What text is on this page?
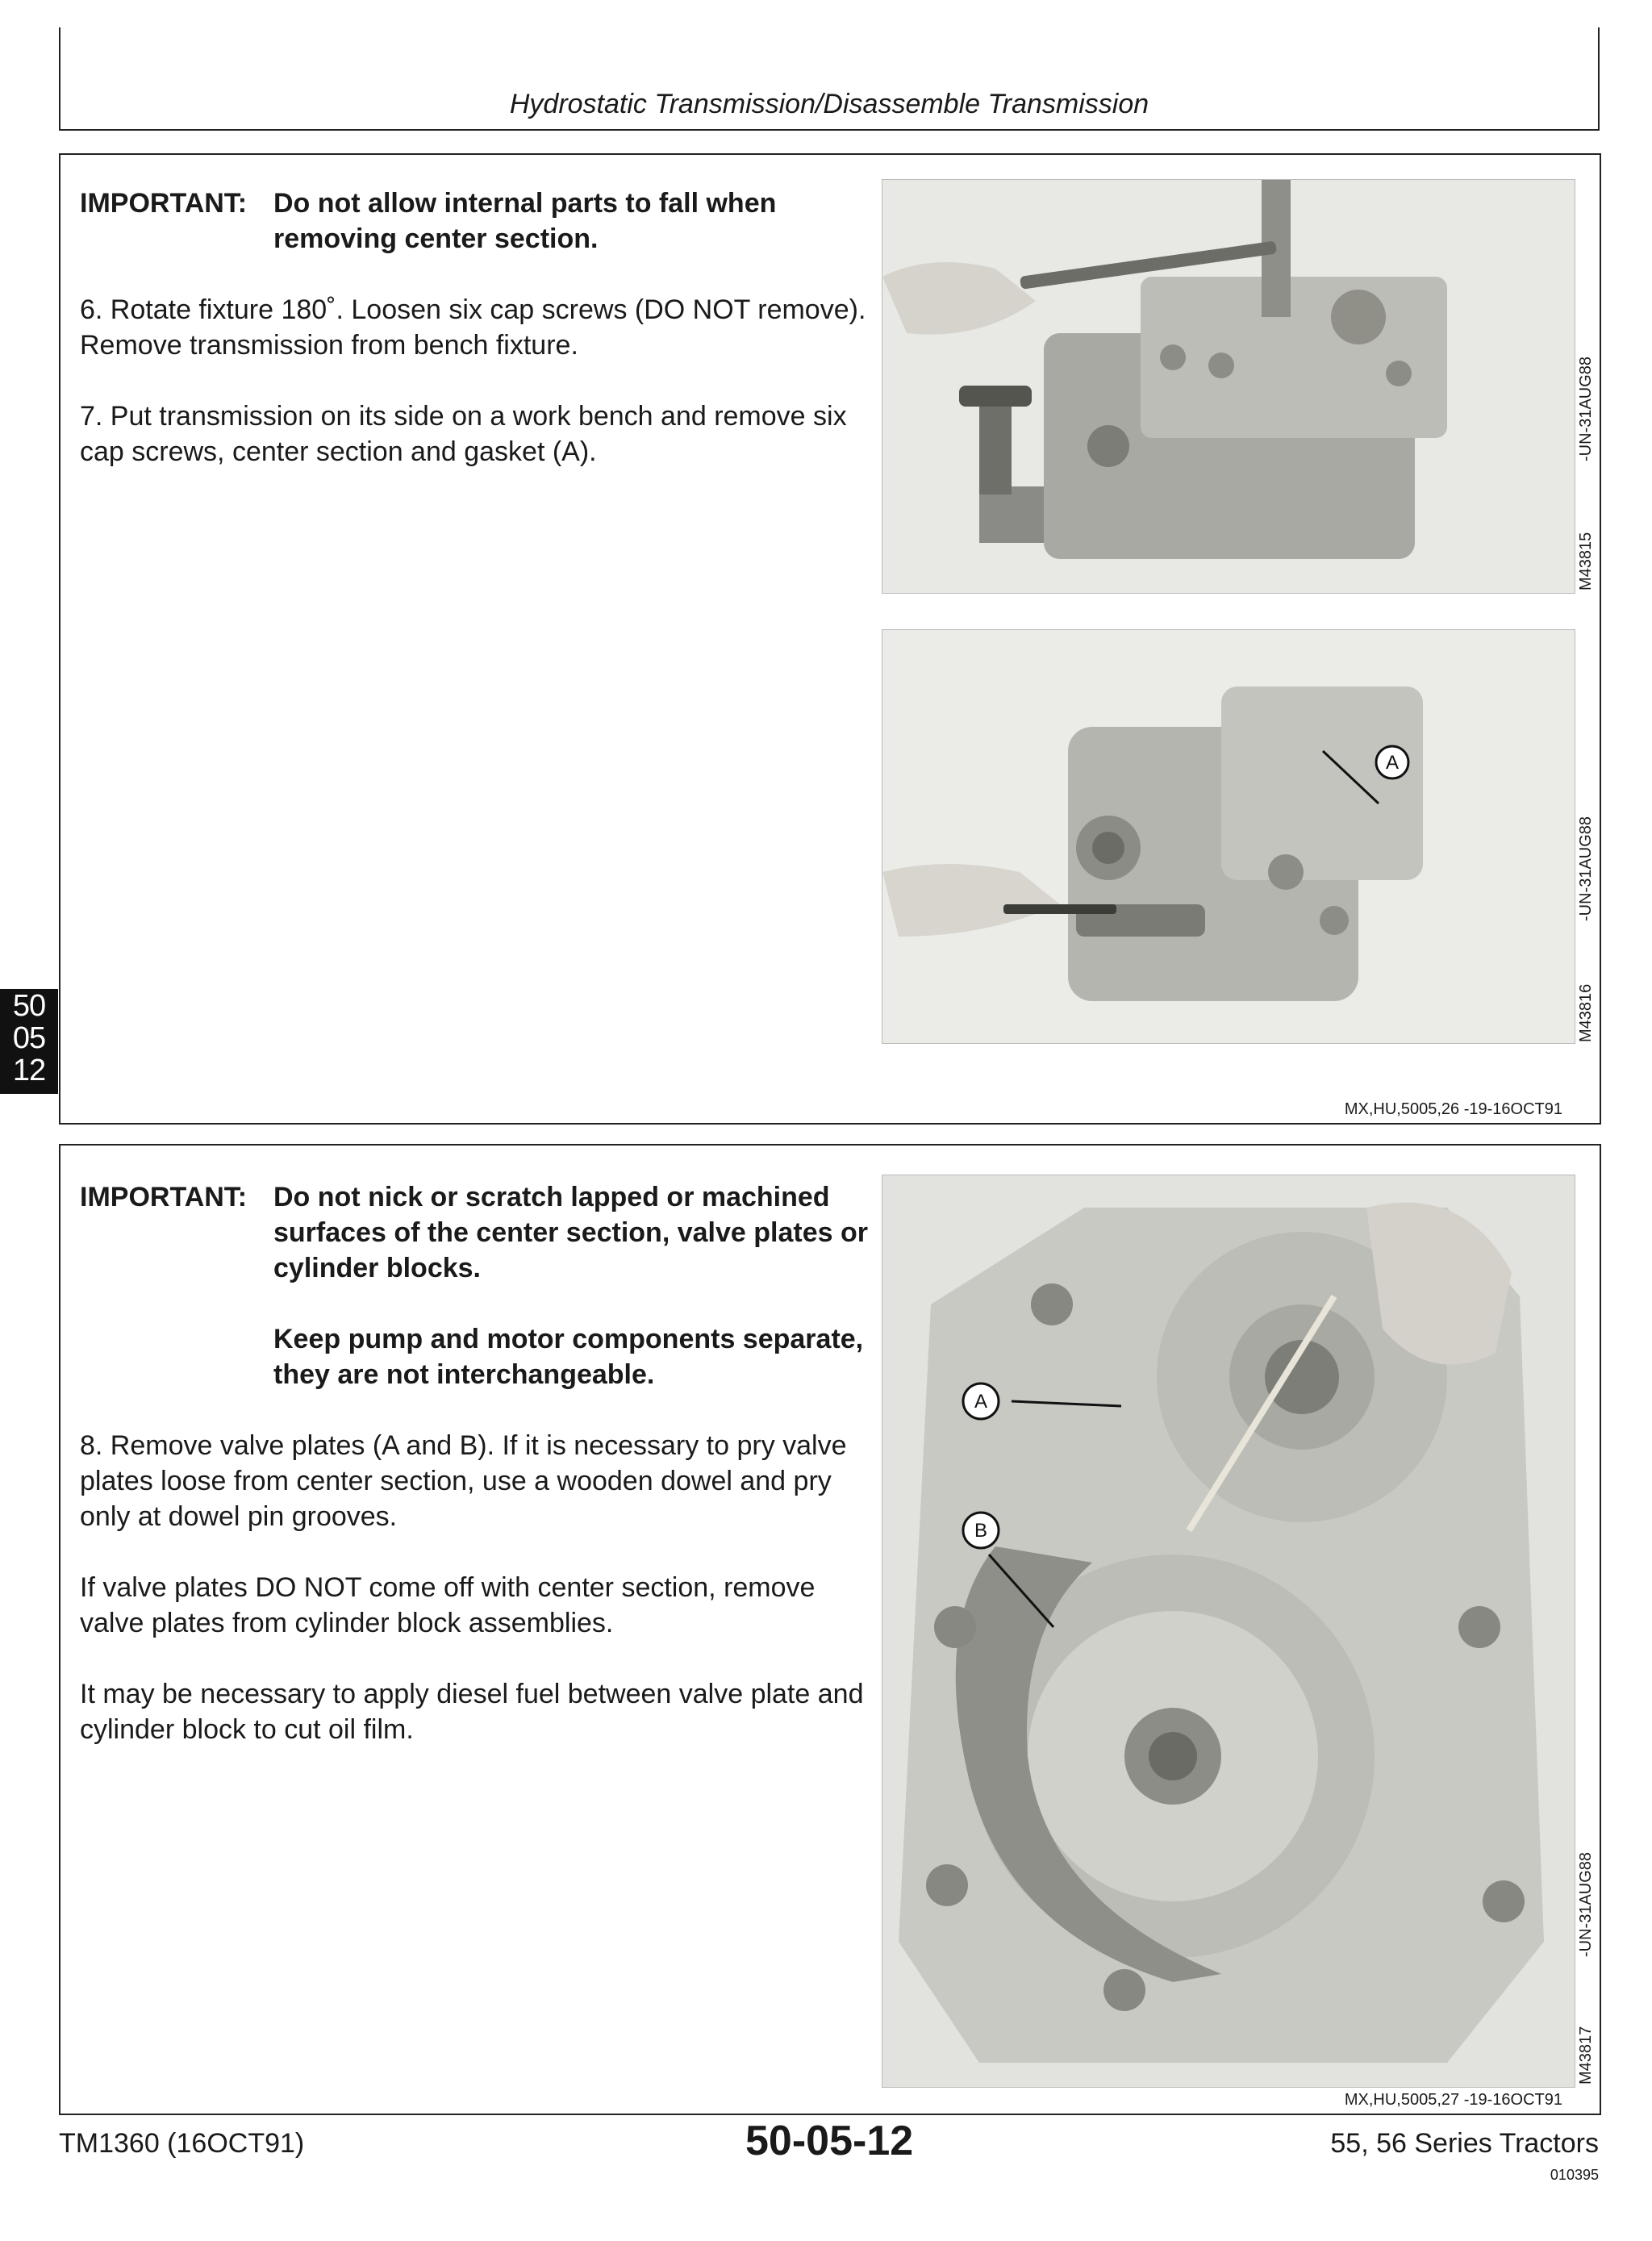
Hydrostatic Transmission/Disassemble Transmission
50
05
12
IMPORTANT: Do not allow internal parts to fall when removing center section.

6. Rotate fixture 180˚. Loosen six cap screws (DO NOT remove). Remove transmission from bench fixture.

7. Put transmission on its side on a work bench and remove six cap screws, center section and gasket (A).

M43815
-UN-31AUG88
A
M43816
-UN-31AUG88
MX,HU,5005,26 -19-16OCT91
IMPORTANT: Do not nick or scratch lapped or machined surfaces of the center section, valve plates or cylinder blocks.

Keep pump and motor components separate, they are not interchangeable.

8. Remove valve plates (A and B). If it is necessary to pry valve plates loose from center section, use a wooden dowel and pry only at dowel pin grooves.

If valve plates DO NOT come off with center section, remove valve plates from cylinder block assemblies.

It may be necessary to apply diesel fuel between valve plate and cylinder block to cut oil film.

A
B
M43817
-UN-31AUG88
MX,HU,5005,27 -19-16OCT91
TM1360 (16OCT91)	50-05-12	55, 56 Series Tractors
010395
